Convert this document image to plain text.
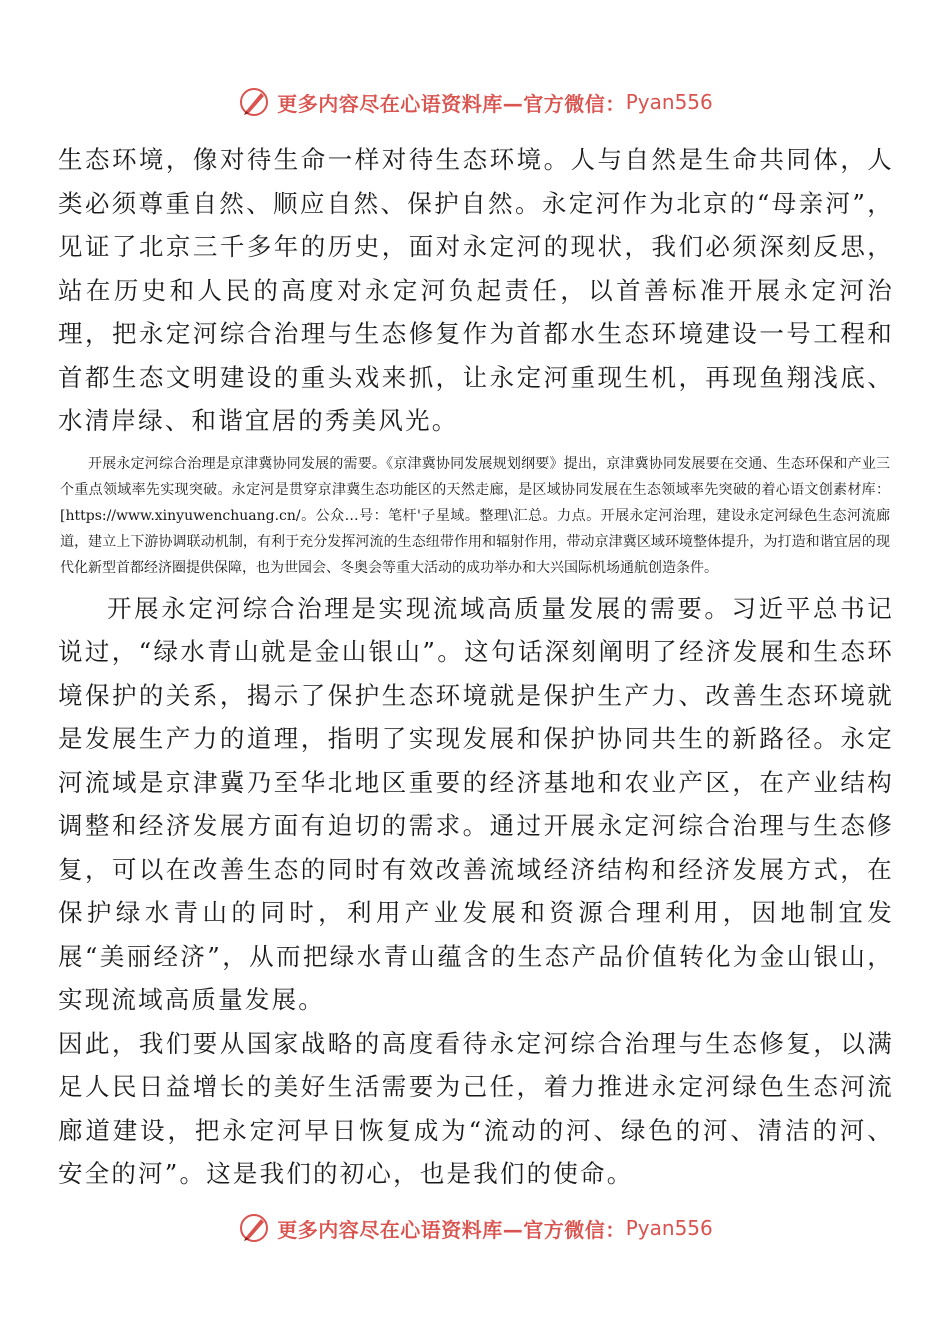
更多内容尽在心语资料库—官方微信： Pyan556

生态环境，像对待生命一样对待生态环境。人与自然是生命共同体，人类必须尊重自然、顺应自然、保护自然。永定河作为北京的“母亲河”，见证了北京三千多年的历史，面对永定河的现状，我们必须深刻反思，站在历史和人民的高度对永定河负起责任，以首善标准开展永定河治理，把永定河综合治理与生态修复作为首都水生态环境建设一号工程和首都生态文明建设的重头戏来抓，让永定河重现生机，再现鱼翔浅底、水清岸绿、和谐宜居的秀美风光。

开展永定河综合治理是京津冀协同发展的需要。《京津冀协同发展规划纲要》提出，京津冀协同发展要在交通、生态环保和产业三个重点领域率先实现突破。永定河是贯穿京津冀生态功能区的天然走廊，是区域协同发展在生态领域率先突破的着心语文创素材库：[https://www.xinyuwenchuang.cn/。公众…号：笔杆'子星域。整理\汇总。力点。开展永定河治理，建设永定河绿色生态河流廊道，建立上下游协调联动机制，有利于充分发挥河流的生态纽带作用和辐射作用，带动京津冀区域环境整体提升，为打造和谐宜居的现代化新型首都经济圈提供保障，也为世园会、冬奥会等重大活动的成功举办和大兴国际机场通航创造条件。

开展永定河综合治理是实现流域高质量发展的需要。习近平总书记说过，“绿水青山就是金山银山”。这句话深刻阐明了经济发展和生态环境保护的关系，揭示了保护生态环境就是保护生产力、改善生态环境就是发展生产力的道理，指明了实现发展和保护协同共生的新路径。永定河流域是京津冀乃至华北地区重要的经济基地和农业产区，在产业结构调整和经济发展方面有迫切的需求。通过开展永定河综合治理与生态修复，可以在改善生态的同时有效改善流域经济结构和经济发展方式，在保护绿水青山的同时，利用产业发展和资源合理利用，因地制宜发展“美丽经济”，从而把绿水青山蕴含的生态产品价值转化为金山银山，实现流域高质量发展。

因此，我们要从国家战略的高度看待永定河综合治理与生态修复，以满足人民日益增长的美好生活需要为己任，着力推进永定河绿色生态河流廊道建设，把永定河早日恢复成为“流动的河、绿色的河、清洁的河、安全的河”。这是我们的初心，也是我们的使命。

更多内容尽在心语资料库—官方微信： Pyan556
